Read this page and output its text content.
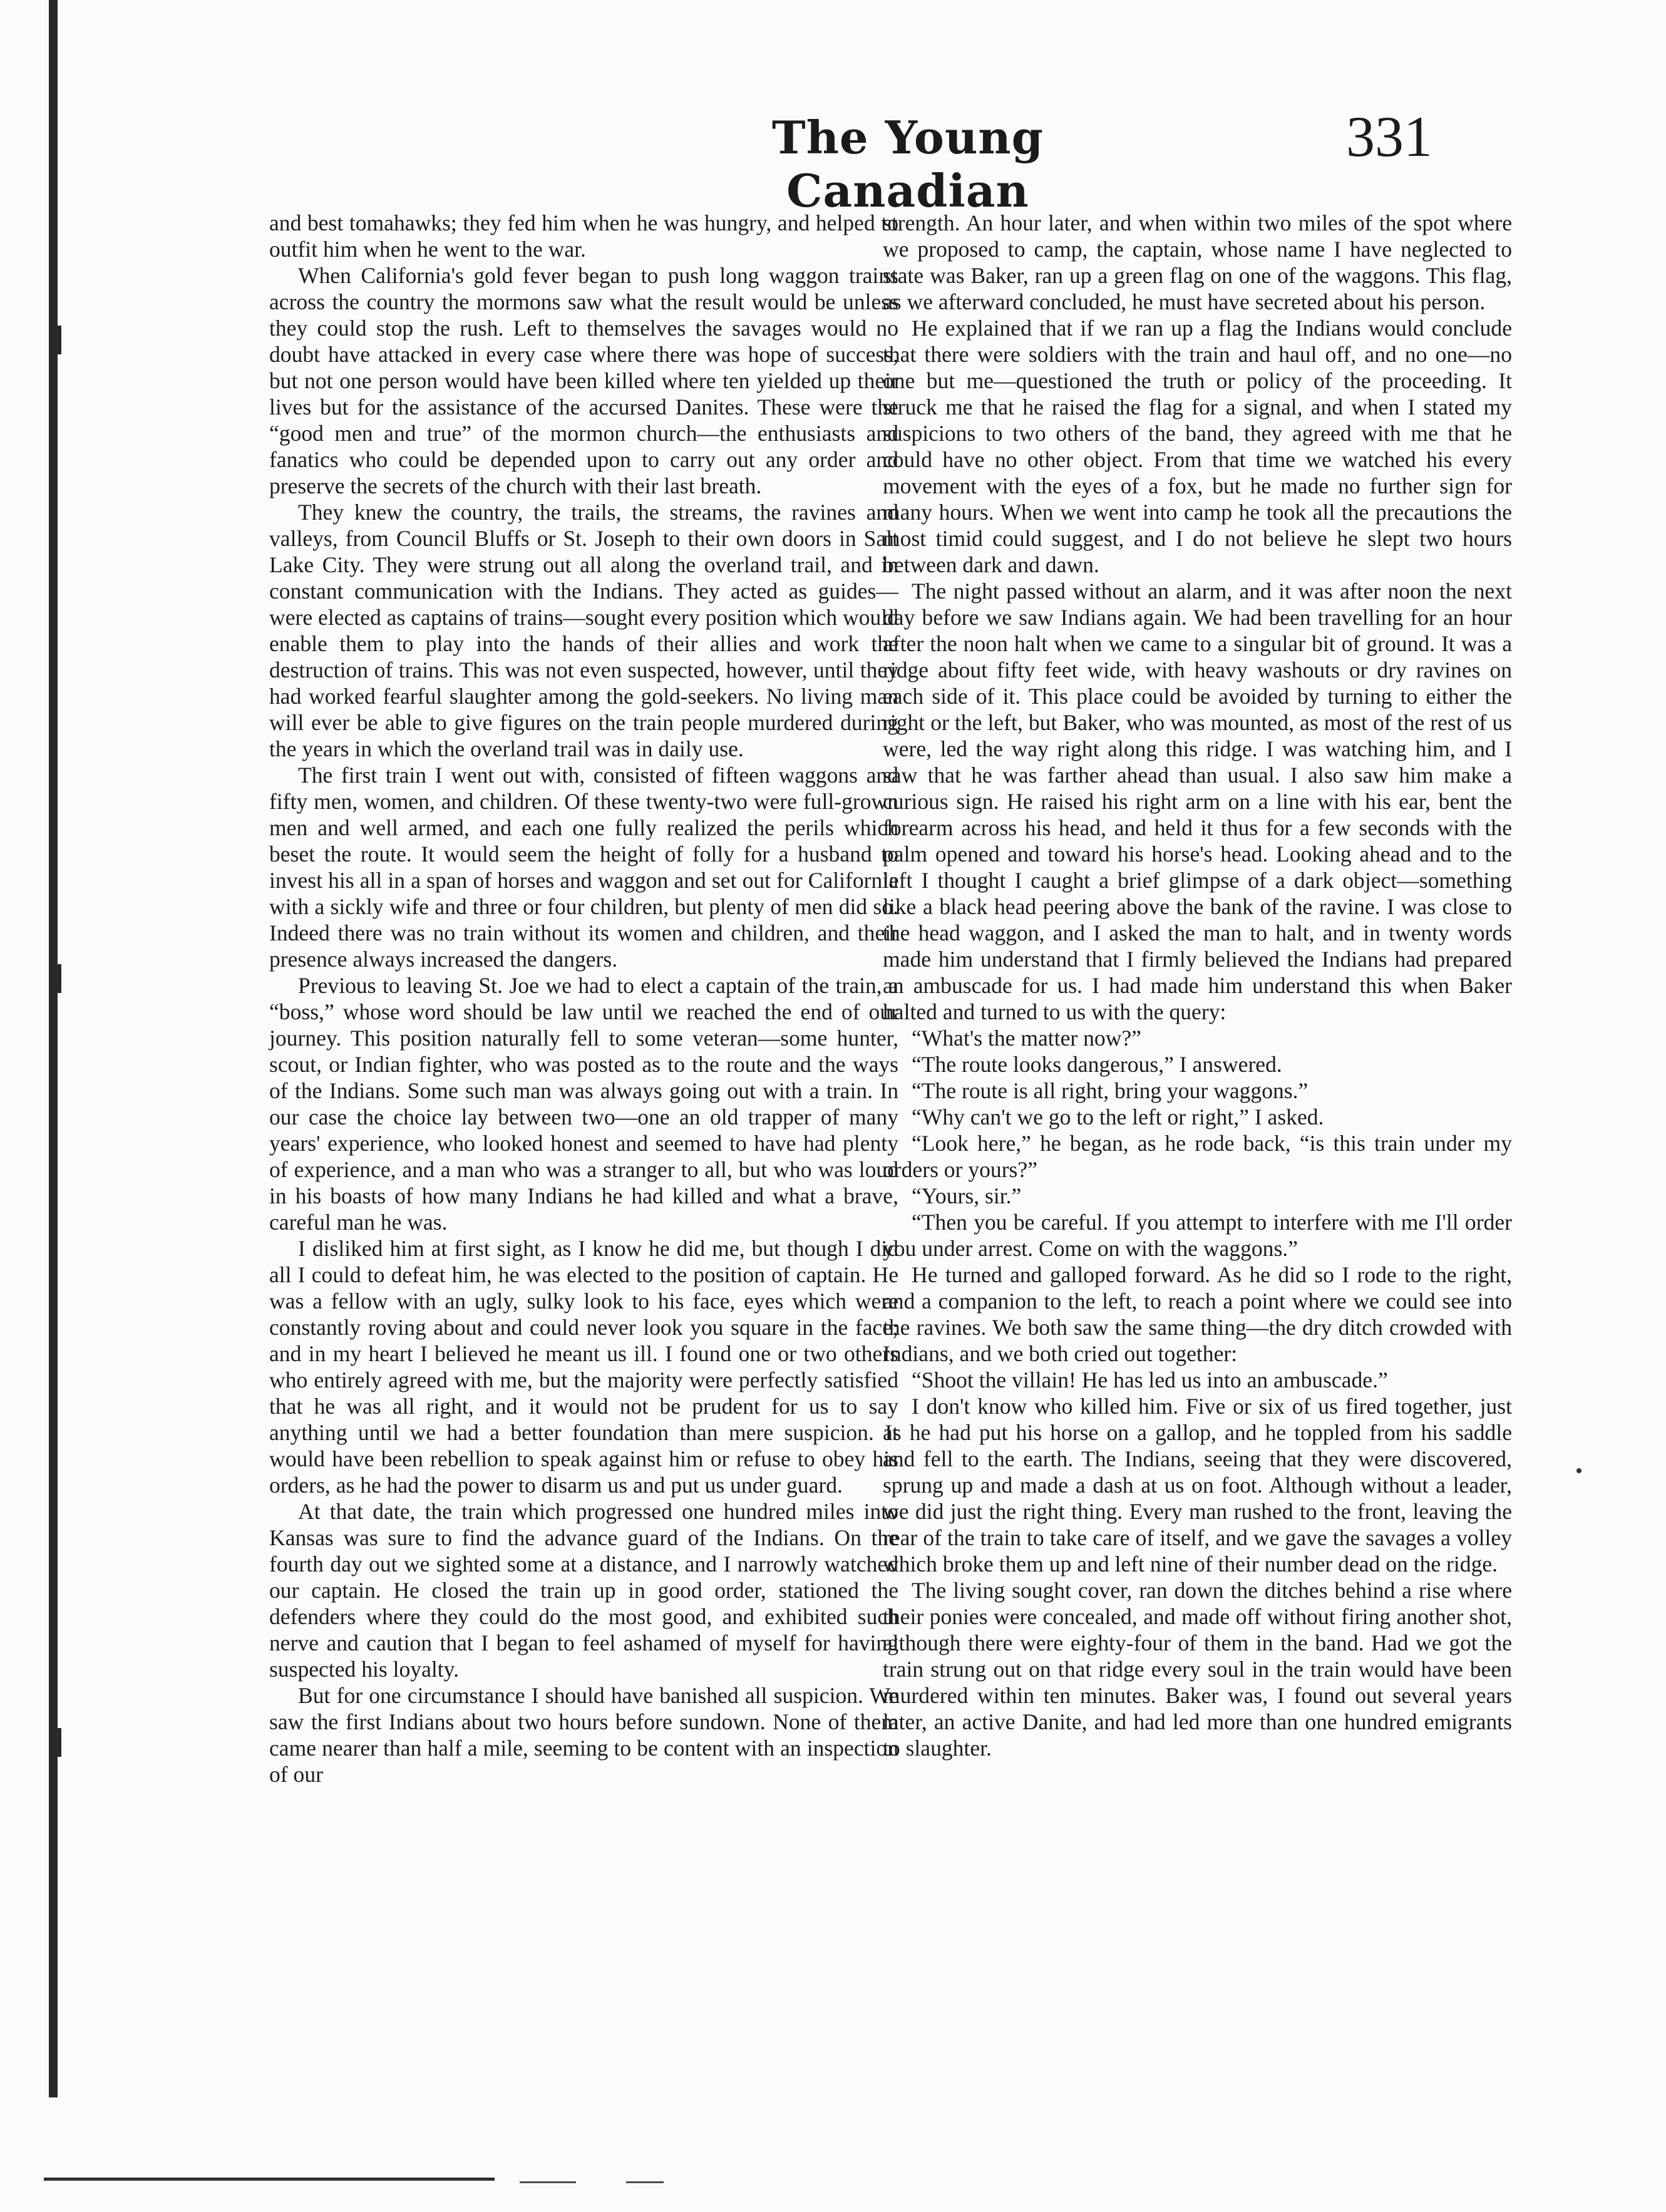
The Young Canadian
331

and best tomahawks; they fed him when he was hungry, and helped to outfit him when he went to the war.

When California's gold fever began to push long waggon trains across the country the mormons saw what the result would be unless they could stop the rush. Left to themselves the savages would no doubt have attacked in every case where there was hope of success, but not one person would have been killed where ten yielded up their lives but for the assistance of the accursed Danites. These were the “good men and true” of the mormon church—the enthusiasts and fanatics who could be depended upon to carry out any order and preserve the secrets of the church with their last breath.

They knew the country, the trails, the streams, the ravines and valleys, from Council Bluffs or St. Joseph to their own doors in Salt Lake City. They were strung out all along the overland trail, and in constant communication with the Indians. They acted as guides—were elected as captains of trains—sought every position which would enable them to play into the hands of their allies and work the destruction of trains. This was not even suspected, however, until they had worked fearful slaughter among the gold-seekers. No living man will ever be able to give figures on the train people murdered during the years in which the overland trail was in daily use.

The first train I went out with, consisted of fifteen waggons and fifty men, women, and children. Of these twenty-two were full-grown men and well armed, and each one fully realized the perils which beset the route. It would seem the height of folly for a husband to invest his all in a span of horses and waggon and set out for California with a sickly wife and three or four children, but plenty of men did so. Indeed there was no train without its women and children, and their presence always increased the dangers.

Previous to leaving St. Joe we had to elect a captain of the train, a “boss,” whose word should be law until we reached the end of our journey. This position naturally fell to some veteran—some hunter, scout, or Indian fighter, who was posted as to the route and the ways of the Indians. Some such man was always going out with a train. In our case the choice lay between two—one an old trapper of many years' experience, who looked honest and seemed to have had plenty of experience, and a man who was a stranger to all, but who was loud in his boasts of how many Indians he had killed and what a brave, careful man he was.

I disliked him at first sight, as I know he did me, but though I did all I could to defeat him, he was elected to the position of captain. He was a fellow with an ugly, sulky look to his face, eyes which were constantly roving about and could never look you square in the face; and in my heart I believed he meant us ill. I found one or two others who entirely agreed with me, but the majority were perfectly satisfied that he was all right, and it would not be prudent for us to say anything until we had a better foundation than mere suspicion. It would have been rebellion to speak against him or refuse to obey his orders, as he had the power to disarm us and put us under guard.

At that date, the train which progressed one hundred miles into Kansas was sure to find the advance guard of the Indians. On the fourth day out we sighted some at a distance, and I narrowly watched our captain. He closed the train up in good order, stationed the defenders where they could do the most good, and exhibited such nerve and caution that I began to feel ashamed of myself for having suspected his loyalty.

But for one circumstance I should have banished all suspicion. We saw the first Indians about two hours before sundown. None of them came nearer than half a mile, seeming to be content with an inspection of our

strength. An hour later, and when within two miles of the spot where we proposed to camp, the captain, whose name I have neglected to state was Baker, ran up a green flag on one of the waggons. This flag, as we afterward concluded, he must have secreted about his person.

He explained that if we ran up a flag the Indians would conclude that there were soldiers with the train and haul off, and no one—no one but me—questioned the truth or policy of the proceeding. It struck me that he raised the flag for a signal, and when I stated my suspicions to two others of the band, they agreed with me that he could have no other object. From that time we watched his every movement with the eyes of a fox, but he made no further sign for many hours. When we went into camp he took all the precautions the most timid could suggest, and I do not believe he slept two hours between dark and dawn.

The night passed without an alarm, and it was after noon the next day before we saw Indians again. We had been travelling for an hour after the noon halt when we came to a singular bit of ground. It was a ridge about fifty feet wide, with heavy washouts or dry ravines on each side of it. This place could be avoided by turning to either the right or the left, but Baker, who was mounted, as most of the rest of us were, led the way right along this ridge. I was watching him, and I saw that he was farther ahead than usual. I also saw him make a curious sign. He raised his right arm on a line with his ear, bent the forearm across his head, and held it thus for a few seconds with the palm opened and toward his horse's head. Looking ahead and to the left I thought I caught a brief glimpse of a dark object—something like a black head peering above the bank of the ravine. I was close to the head waggon, and I asked the man to halt, and in twenty words made him understand that I firmly believed the Indians had prepared an ambuscade for us. I had made him understand this when Baker halted and turned to us with the query:

“What's the matter now?”

“The route looks dangerous,” I answered.

“The route is all right, bring your waggons.”

“Why can't we go to the left or right,” I asked.

“Look here,” he began, as he rode back, “is this train under my orders or yours?”

“Yours, sir.”

“Then you be careful. If you attempt to interfere with me I'll order you under arrest. Come on with the waggons.”

He turned and galloped forward. As he did so I rode to the right, and a companion to the left, to reach a point where we could see into the ravines. We both saw the same thing—the dry ditch crowded with Indians, and we both cried out together:

“Shoot the villain! He has led us into an ambuscade.”

I don't know who killed him. Five or six of us fired together, just as he had put his horse on a gallop, and he toppled from his saddle and fell to the earth. The Indians, seeing that they were discovered, sprung up and made a dash at us on foot. Although without a leader, we did just the right thing. Every man rushed to the front, leaving the rear of the train to take care of itself, and we gave the savages a volley which broke them up and left nine of their number dead on the ridge.

The living sought cover, ran down the ditches behind a rise where their ponies were concealed, and made off without firing another shot, although there were eighty-four of them in the band. Had we got the train strung out on that ridge every soul in the train would have been murdered within ten minutes. Baker was, I found out several years later, an active Danite, and had led more than one hundred emigrants to slaughter.
